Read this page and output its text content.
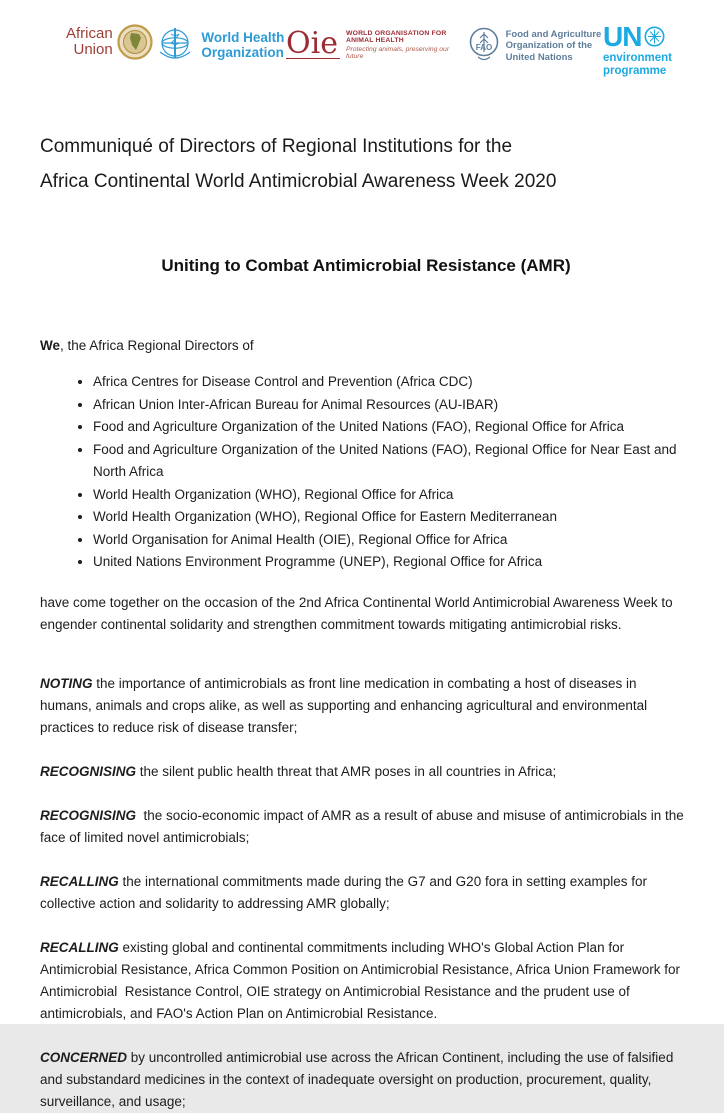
African
Union
World Health
Organization Oie WORLD ORGANISATION FOR ANIMAL HEALTH
Protecting animals, preserving our future
FAO
Food and Agriculture
Organization of the
United Nations
UN
environment
programme
Communiqué of Directors of Regional Institutions for the
Africa Continental World Antimicrobial Awareness Week 2020
Uniting to Combat Antimicrobial Resistance (AMR)

We, the Africa Regional Directors of

• Africa Centres for Disease Control and Prevention (Africa CDC)
• African Union Inter-African Bureau for Animal Resources (AU-IBAR)
• Food and Agriculture Organization of the United Nations (FAO), Regional Office for Africa
• Food and Agriculture Organization of the United Nations (FAO), Regional Office for Near East and North Africa
• World Health Organization (WHO), Regional Office for Africa
• World Health Organization (WHO), Regional Office for Eastern Mediterranean
• World Organisation for Animal Health (OIE), Regional Office for Africa
• United Nations Environment Programme (UNEP), Regional Office for Africa

have come together on the occasion of the 2nd Africa Continental World Antimicrobial Awareness Week to engender continental solidarity and strengthen commitment towards mitigating antimicrobial risks.

NOTING the importance of antimicrobials as front line medication in combating a host of diseases in humans, animals and crops alike, as well as supporting and enhancing agricultural and environmental practices to reduce risk of disease transfer;

RECOGNISING the silent public health threat that AMR poses in all countries in Africa;

RECOGNISING  the socio-economic impact of AMR as a result of abuse and misuse of antimicrobials in the face of limited novel antimicrobials;

RECALLING the international commitments made during the G7 and G20 fora in setting examples for collective action and solidarity to addressing AMR globally;

RECALLING existing global and continental commitments including WHO's Global Action Plan for Antimicrobial Resistance, Africa Common Position on Antimicrobial Resistance, Africa Union Framework for Antimicrobial  Resistance Control, OIE strategy on Antimicrobial Resistance and the prudent use of antimicrobials, and FAO's Action Plan on Antimicrobial Resistance.

CONCERNED by uncontrolled antimicrobial use across the African Continent, including the use of falsified and substandard medicines in the context of inadequate oversight on production, procurement, quality, surveillance, and usage;
